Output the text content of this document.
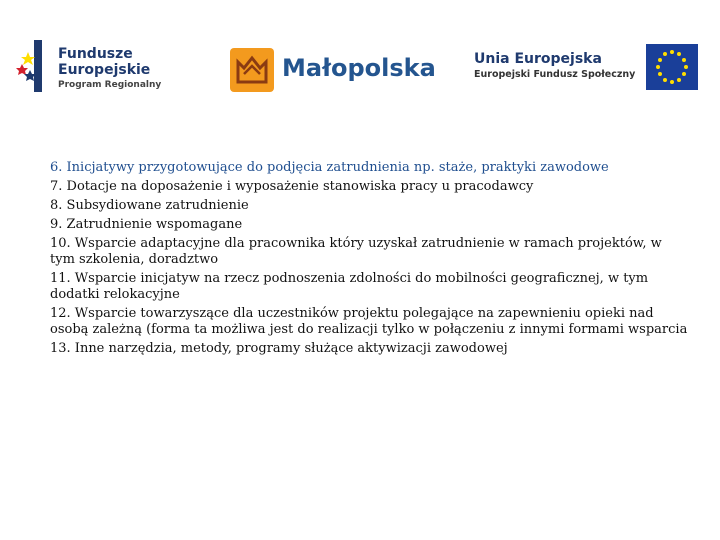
Fundusze
Europejskie
Program Regionalny
Małopolska	Unia Europejska
Europejski Fundusz Społeczny
6. Inicjatywy przygotowujące do podjęcia zatrudnienia np. staże, praktyki zawodowe
7. Dotacje na doposażenie i wyposażenie stanowiska pracy u pracodawcy
8. Subsydiowane zatrudnienie
9. Zatrudnienie wspomagane
10. Wsparcie adaptacyjne dla pracownika który uzyskał zatrudnienie w ramach projektów, w tym szkolenia, doradztwo
11. Wsparcie inicjatyw na rzecz podnoszenia zdolności do mobilności geograficznej, w tym dodatki relokacyjne
12. Wsparcie towarzyszące dla uczestników projektu polegające na zapewnieniu opieki nad osobą zależną (forma ta możliwa jest do realizacji tylko w połączeniu z innymi formami wsparcia
13. Inne narzędzia, metody, programy służące aktywizacji zawodowej
